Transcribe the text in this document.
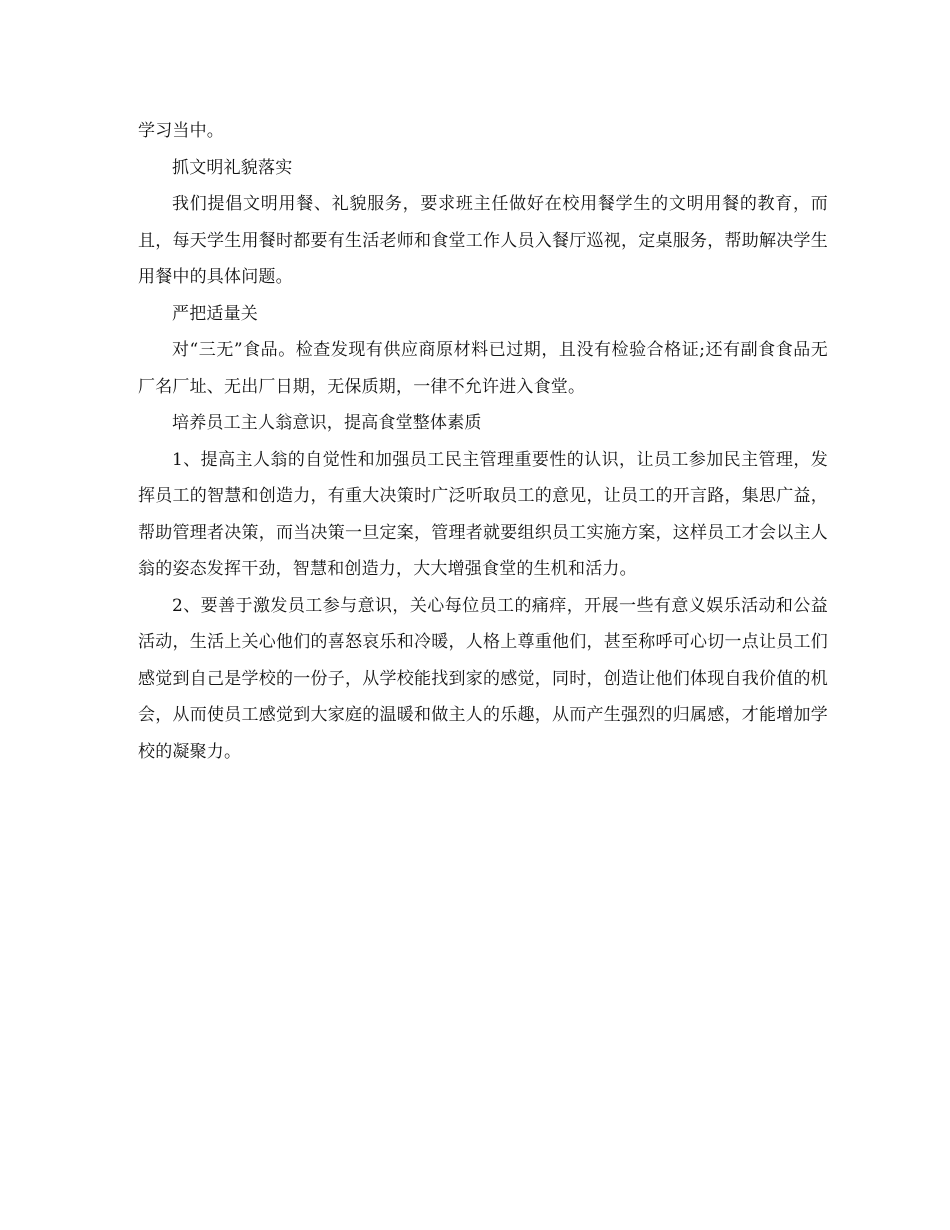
学习当中。

抓文明礼貌落实

我们提倡文明用餐、礼貌服务，要求班主任做好在校用餐学生的文明用餐的教育，而且，每天学生用餐时都要有生活老师和食堂工作人员入餐厅巡视，定桌服务，帮助解决学生用餐中的具体问题。

严把适量关

对“三无”食品。检查发现有供应商原材料已过期，且没有检验合格证;还有副食食品无厂名厂址、无出厂日期，无保质期，一律不允许进入食堂。

培养员工主人翁意识，提高食堂整体素质

1、提高主人翁的自觉性和加强员工民主管理重要性的认识，让员工参加民主管理，发挥员工的智慧和创造力，有重大决策时广泛听取员工的意见，让员工的开言路，集思广益，帮助管理者决策，而当决策一旦定案，管理者就要组织员工实施方案，这样员工才会以主人翁的姿态发挥干劲，智慧和创造力，大大增强食堂的生机和活力。

2、要善于激发员工参与意识，关心每位员工的痛痒，开展一些有意义娱乐活动和公益活动，生活上关心他们的喜怒哀乐和冷暖，人格上尊重他们，甚至称呼可心切一点让员工们感觉到自己是学校的一份子，从学校能找到家的感觉，同时，创造让他们体现自我价值的机会，从而使员工感觉到大家庭的温暖和做主人的乐趣，从而产生强烈的归属感，才能增加学校的凝聚力。
